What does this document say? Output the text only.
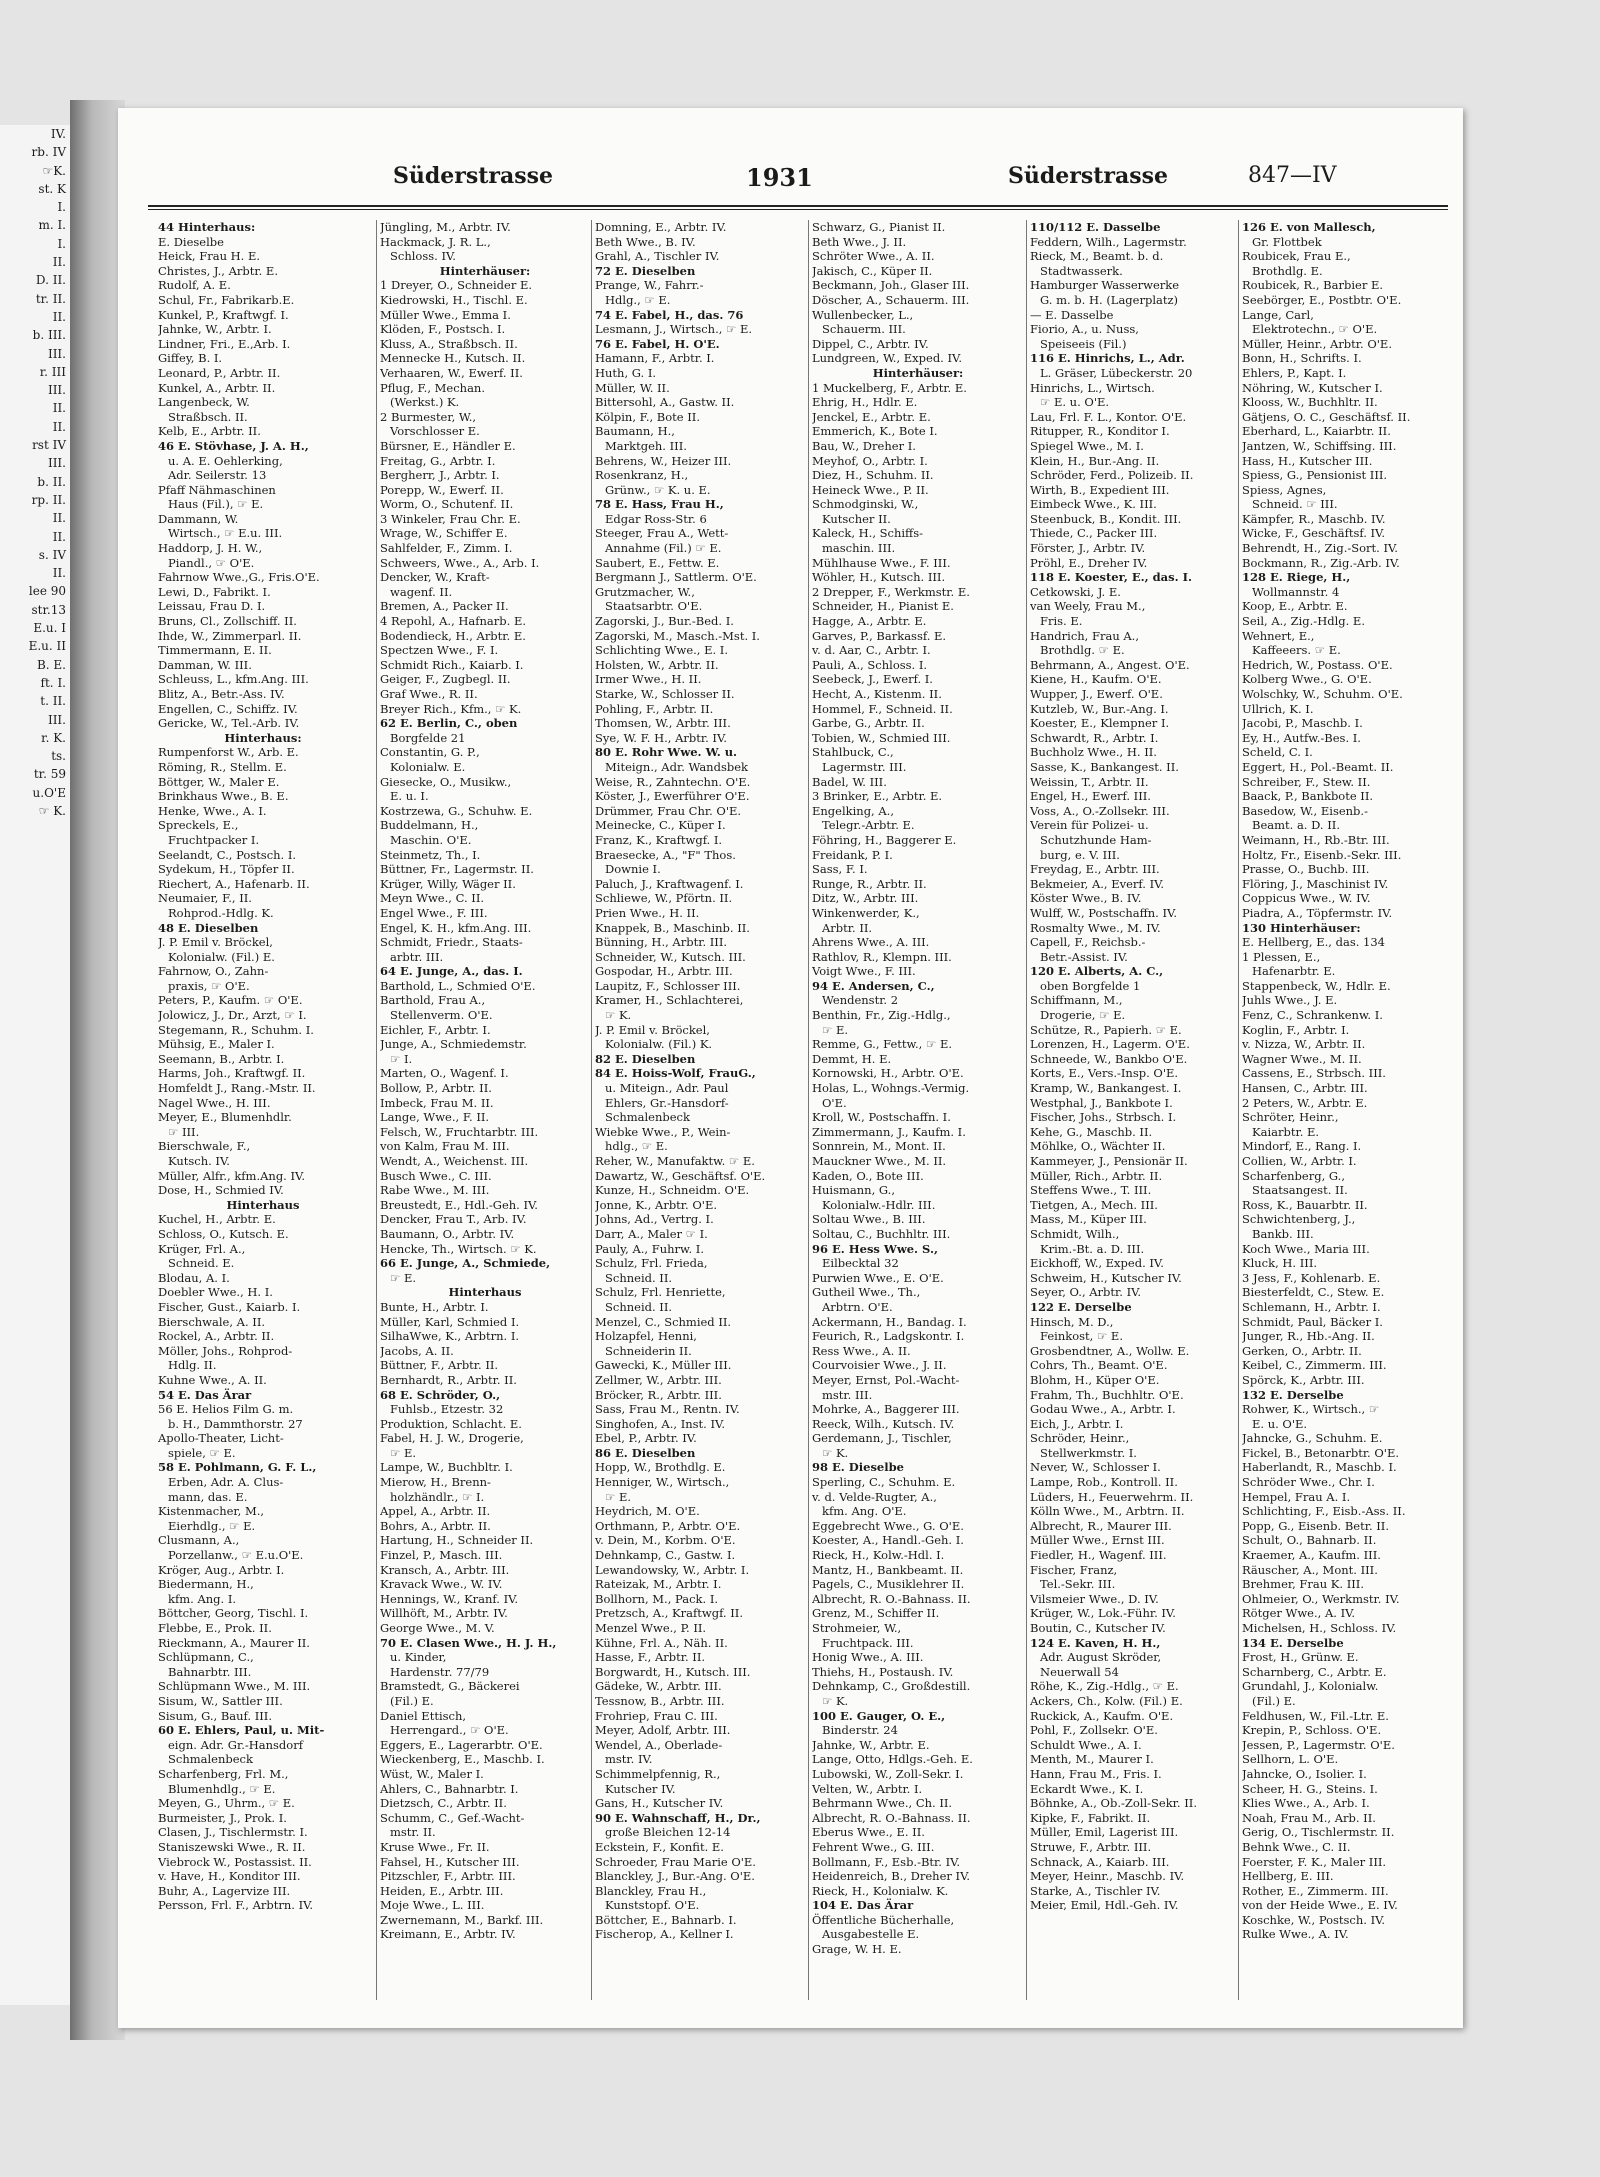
IV.
rb. IV
☞K.
st. K
I.
m. I.
I.
II.
D. II.
tr. II.
II.
b. III.
III.
r. III
III.
II.
II.
rst IV
III.
b. II.
rp. II.
II.
II.
s. IV
II.
lee 90
str.13
E.u. I
E.u. II
B. E.
ft. I.
t. II.
III.
r. K.
ts.
tr. 59
u.O'E
☞ K.
Süderstrasse	1931	Süderstrasse	847—IV
44 Hinterhaus:
E. Dieselbe
Heick, Frau H. E.
Christes, J., Arbtr. E.
Rudolf, A. E.
Schul, Fr., Fabrikarb.E.
Kunkel, P., Kraftwgf. I.
Jahnke, W., Arbtr. I.
Lindner, Fri., E.,Arb. I.
Giffey, B. I.
Leonard, P., Arbtr. II.
Kunkel, A., Arbtr. II.
Langenbeck, W.
Straßbsch. II.
Kelb, E., Arbtr. II.
46 E. Stövhase, J. A. H.,
u. A. E. Oehlerking,
Adr. Seilerstr. 13
Pfaff Nähmaschinen
Haus (Fil.), ☞ E.
Dammann, W.
Wirtsch., ☞ E.u. III.
Haddorp, J. H. W.,
Piandl., ☞ O'E.
Fahrnow Wwe.,G., Fris.O'E.
Lewi, D., Fabrikt. I.
Leissau, Frau D. I.
Bruns, Cl., Zollschiff. II.
Ihde, W., Zimmerparl. II.
Timmermann, E. II.
Damman, W. III.
Schleuss, L., kfm.Ang. III.
Blitz, A., Betr.-Ass. IV.
Engellen, C., Schiffz. IV.
Gericke, W., Tel.-Arb. IV.
Hinterhaus:
Rumpenforst W., Arb. E.
Röming, R., Stellm. E.
Böttger, W., Maler E.
Brinkhaus Wwe., B. E.
Henke, Wwe., A. I.
Spreckels, E.,
Fruchtpacker I.
Seelandt, C., Postsch. I.
Sydekum, H., Töpfer II.
Riechert, A., Hafenarb. II.
Neumaier, F., II.
Rohprod.-Hdlg. K.
48 E. Dieselben
J. P. Emil v. Bröckel,
Kolonialw. (Fil.) E.
Fahrnow, O., Zahn-
praxis, ☞ O'E.
Peters, P., Kaufm. ☞ O'E.
Jolowicz, J., Dr., Arzt, ☞ I.
Stegemann, R., Schuhm. I.
Mühsig, E., Maler I.
Seemann, B., Arbtr. I.
Harms, Joh., Kraftwgf. II.
Homfeldt J., Rang.-Mstr. II.
Nagel Wwe., H. III.
Meyer, E., Blumenhdlr.
☞ III.
Bierschwale, F.,
Kutsch. IV.
Müller, Alfr., kfm.Ang. IV.
Dose, H., Schmied IV.
Hinterhaus
Kuchel, H., Arbtr. E.
Schloss, O., Kutsch. E.
Krüger, Frl. A.,
Schneid. E.
Blodau, A. I.
Doebler Wwe., H. I.
Fischer, Gust., Kaiarb. I.
Bierschwale, A. II.
Rockel, A., Arbtr. II.
Möller, Johs., Rohprod-
Hdlg. II.
Kuhne Wwe., A. II.
54 E. Das Ärar
56 E. Helios Film G. m.
b. H., Dammthorstr. 27
Apollo-Theater, Licht-
spiele, ☞ E.
58 E. Pohlmann, G. F. L.,
Erben, Adr. A. Clus-
mann, das. E.
Kistenmacher, M.,
Eierhdlg., ☞ E.
Clusmann, A.,
Porzellanw., ☞ E.u.O'E.
Kröger, Aug., Arbtr. I.
Biedermann, H.,
kfm. Ang. I.
Böttcher, Georg, Tischl. I.
Flebbe, E., Prok. II.
Rieckmann, A., Maurer II.
Schlüpmann, C.,
Bahnarbtr. III.
Schlüpmann Wwe., M. III.
Sisum, W., Sattler III.
Sisum, G., Bauf. III.
60 E. Ehlers, Paul, u. Mit-
eign. Adr. Gr.-Hansdorf
Schmalenbeck
Scharfenberg, Frl. M.,
Blumenhdlg., ☞ E.
Meyen, G., Uhrm., ☞ E.
Burmeister, J., Prok. I.
Clasen, J., Tischlermstr. I.
Staniszewski Wwe., R. II.
Viebrock W., Postassist. II.
v. Have, H., Konditor III.
Buhr, A., Lagervize III.
Persson, Frl. F., Arbtrn. IV.
Jüngling, M., Arbtr. IV.
Hackmack, J. R. L.,
Schloss. IV.
Hinterhäuser:
1 Dreyer, O., Schneider E.
Kiedrowski, H., Tischl. E.
Müller Wwe., Emma I.
Klöden, F., Postsch. I.
Kluss, A., Straßbsch. II.
Mennecke H., Kutsch. II.
Verhaaren, W., Ewerf. II.
Pflug, F., Mechan.
(Werkst.) K.
2 Burmester, W.,
Vorschlosser E.
Bürsner, E., Händler E.
Freitag, G., Arbtr. I.
Bergherr, J., Arbtr. I.
Porepp, W., Ewerf. II.
Worm, O., Schutenf. II.
3 Winkeler, Frau Chr. E.
Wrage, W., Schiffer E.
Sahlfelder, F., Zimm. I.
Schweers, Wwe., A., Arb. I.
Dencker, W., Kraft-
wagenf. II.
Bremen, A., Packer II.
4 Repohl, A., Hafnarb. E.
Bodendieck, H., Arbtr. E.
Spectzen Wwe., F. I.
Schmidt Rich., Kaiarb. I.
Geiger, F., Zugbegl. II.
Graf Wwe., R. II.
Breyer Rich., Kfm., ☞ K.
62 E. Berlin, C., oben
Borgfelde 21
Constantin, G. P.,
Kolonialw. E.
Giesecke, O., Musikw.,
E. u. I.
Kostrzewa, G., Schuhw. E.
Buddelmann, H.,
Maschin. O'E.
Steinmetz, Th., I.
Büttner, Fr., Lagermstr. II.
Krüger, Willy, Wäger II.
Meyn Wwe., C. II.
Engel Wwe., F. III.
Engel, K. H., kfm.Ang. III.
Schmidt, Friedr., Staats-
arbtr. III.
64 E. Junge, A., das. I.
Barthold, L., Schmied O'E.
Barthold, Frau A.,
Stellenverm. O'E.
Eichler, F., Arbtr. I.
Junge, A., Schmiedemstr.
☞ I.
Marten, O., Wagenf. I.
Bollow, P., Arbtr. II.
Imbeck, Frau M. II.
Lange, Wwe., F. II.
Felsch, W., Fruchtarbtr. III.
von Kalm, Frau M. III.
Wendt, A., Weichenst. III.
Busch Wwe., C. III.
Rabe Wwe., M. III.
Breustedt, E., Hdl.-Geh. IV.
Dencker, Frau T., Arb. IV.
Baumann, O., Arbtr. IV.
Hencke, Th., Wirtsch. ☞ K.
66 E. Junge, A., Schmiede,
☞ E.
Hinterhaus
Bunte, H., Arbtr. I.
Müller, Karl, Schmied I.
SilhaWwe, K., Arbtrn. I.
Jacobs, A. II.
Büttner, F., Arbtr. II.
Bernhardt, R., Arbtr. II.
68 E. Schröder, O.,
Fuhlsb., Etzestr. 32
Produktion, Schlacht. E.
Fabel, H. J. W., Drogerie,
☞ E.
Lampe, W., Buchbltr. I.
Mierow, H., Brenn-
holzhändlr., ☞ I.
Appel, A., Arbtr. II.
Bohrs, A., Arbtr. II.
Hartung, H., Schneider II.
Finzel, P., Masch. III.
Kransch, A., Arbtr. III.
Kravack Wwe., W. IV.
Hennings, W., Kranf. IV.
Willhöft, M., Arbtr. IV.
George Wwe., M. V.
70 E. Clasen Wwe., H. J. H.,
u. Kinder,
Hardenstr. 77/79
Bramstedt, G., Bäckerei
(Fil.) E.
Daniel Ettisch,
Herrengard., ☞ O'E.
Eggers, E., Lagerarbtr. O'E.
Wieckenberg, E., Maschb. I.
Wüst, W., Maler I.
Ahlers, C., Bahnarbtr. I.
Dietzsch, C., Arbtr. II.
Schumm, C., Gef.-Wacht-
mstr. II.
Kruse Wwe., Fr. II.
Fahsel, H., Kutscher III.
Pitzschler, F., Arbtr. III.
Heiden, E., Arbtr. III.
Moje Wwe., L. III.
Zwernemann, M., Barkf. III.
Kreimann, E., Arbtr. IV.
Domning, E., Arbtr. IV.
Beth Wwe., B. IV.
Grahl, A., Tischler IV.
72 E. Dieselben
Prange, W., Fahrr.-
Hdlg., ☞ E.
74 E. Fabel, H., das. 76
Lesmann, J., Wirtsch., ☞ E.
76 E. Fabel, H. O'E.
Hamann, F., Arbtr. I.
Huth, G. I.
Müller, W. II.
Bittersohl, A., Gastw. II.
Kölpin, F., Bote II.
Baumann, H.,
Marktgeh. III.
Behrens, W., Heizer III.
Rosenkranz, H.,
Grünw., ☞ K. u. E.
78 E. Hass, Frau H.,
Edgar Ross-Str. 6
Steeger, Frau A., Wett-
Annahme (Fil.) ☞ E.
Saubert, E., Fettw. E.
Bergmann J., Sattlerm. O'E.
Grutzmacher, W.,
Staatsarbtr. O'E.
Zagorski, J., Bur.-Bed. I.
Zagorski, M., Masch.-Mst. I.
Schlichting Wwe., E. I.
Holsten, W., Arbtr. II.
Irmer Wwe., H. II.
Starke, W., Schlosser II.
Pohling, F., Arbtr. II.
Thomsen, W., Arbtr. III.
Sye, W. F. H., Arbtr. IV.
80 E. Rohr Wwe. W. u.
Miteign., Adr. Wandsbek
Weise, R., Zahntechn. O'E.
Köster, J., Ewerführer O'E.
Drümmer, Frau Chr. O'E.
Meinecke, C., Küper I.
Franz, K., Kraftwgf. I.
Braesecke, A., "F" Thos.
Downie I.
Paluch, J., Kraftwagenf. I.
Schliewe, W., Pförtn. II.
Prien Wwe., H. II.
Knappek, B., Maschinb. II.
Bünning, H., Arbtr. III.
Schneider, W., Kutsch. III.
Gospodar, H., Arbtr. III.
Laupitz, F., Schlosser III.
Kramer, H., Schlachterei,
☞ K.
J. P. Emil v. Bröckel,
Kolonialw. (Fil.) K.
82 E. Dieselben
84 E. Hoiss-Wolf, FrauG.,
u. Miteign., Adr. Paul
Ehlers, Gr.-Hansdorf-
Schmalenbeck
Wiebke Wwe., P., Wein-
hdlg., ☞ E.
Reher, W., Manufaktw. ☞ E.
Dawartz, W., Geschäftsf. O'E.
Kunze, H., Schneidm. O'E.
Jonne, K., Arbtr. O'E.
Johns, Ad., Vertrg. I.
Darr, A., Maler ☞ I.
Pauly, A., Fuhrw. I.
Schulz, Frl. Frieda,
Schneid. II.
Schulz, Frl. Henriette,
Schneid. II.
Menzel, C., Schmied II.
Holzapfel, Henni,
Schneiderin II.
Gawecki, K., Müller III.
Zellmer, W., Arbtr. III.
Bröcker, R., Arbtr. III.
Sass, Frau M., Rentn. IV.
Singhofen, A., Inst. IV.
Ebel, P., Arbtr. IV.
86 E. Dieselben
Hopp, W., Brothdlg. E.
Henniger, W., Wirtsch.,
☞ E.
Heydrich, M. O'E.
Orthmann, P., Arbtr. O'E.
v. Dein, M., Korbm. O'E.
Dehnkamp, C., Gastw. I.
Lewandowsky, W., Arbtr. I.
Rateizak, M., Arbtr. I.
Bollhorn, M., Pack. I.
Pretzsch, A., Kraftwgf. II.
Menzel Wwe., P. II.
Kühne, Frl. A., Näh. II.
Hasse, F., Arbtr. II.
Borgwardt, H., Kutsch. III.
Gädeke, W., Arbtr. III.
Tessnow, B., Arbtr. III.
Frohriep, Frau C. III.
Meyer, Adolf, Arbtr. III.
Wendel, A., Oberlade-
mstr. IV.
Schimmelpfennig, R.,
Kutscher IV.
Gans, H., Kutscher IV.
90 E. Wahnschaff, H., Dr.,
große Bleichen 12-14
Eckstein, F., Konfit. E.
Schroeder, Frau Marie O'E.
Blanckley, J., Bur.-Ang. O'E.
Blanckley, Frau H.,
Kunststopf. O'E.
Böttcher, E., Bahnarb. I.
Fischerop, A., Kellner I.
Schwarz, G., Pianist II.
Beth Wwe., J. II.
Schröter Wwe., A. II.
Jakisch, C., Küper II.
Beckmann, Joh., Glaser III.
Döscher, A., Schauerm. III.
Wullenbecker, L.,
Schauerm. III.
Dippel, C., Arbtr. IV.
Lundgreen, W., Exped. IV.
Hinterhäuser:
1 Muckelberg, F., Arbtr. E.
Ehrig, H., Hdlr. E.
Jenckel, E., Arbtr. E.
Emmerich, K., Bote I.
Bau, W., Dreher I.
Meyhof, O., Arbtr. I.
Diez, H., Schuhm. II.
Heineck Wwe., P. II.
Schmodginski, W.,
Kutscher II.
Kaleck, H., Schiffs-
maschin. III.
Mühlhause Wwe., F. III.
Wöhler, H., Kutsch. III.
2 Drepper, F., Werkmstr. E.
Schneider, H., Pianist E.
Hagge, A., Arbtr. E.
Garves, P., Barkassf. E.
v. d. Aar, C., Arbtr. I.
Pauli, A., Schloss. I.
Seebeck, J., Ewerf. I.
Hecht, A., Kistenm. II.
Hommel, F., Schneid. II.
Garbe, G., Arbtr. II.
Tobien, W., Schmied III.
Stahlbuck, C.,
Lagermstr. III.
Badel, W. III.
3 Brinker, E., Arbtr. E.
Engelking, A.,
Telegr.-Arbtr. E.
Föhring, H., Baggerer E.
Freidank, P. I.
Sass, F. I.
Runge, R., Arbtr. II.
Ditz, W., Arbtr. III.
Winkenwerder, K.,
Arbtr. II.
Ahrens Wwe., A. III.
Rathlov, R., Klempn. III.
Voigt Wwe., F. III.
94 E. Andersen, C.,
Wendenstr. 2
Benthin, Fr., Zig.-Hdlg.,
☞ E.
Remme, G., Fettw., ☞ E.
Demmt, H. E.
Kornowski, H., Arbtr. O'E.
Holas, L., Wohngs.-Vermig.
O'E.
Kroll, W., Postschaffn. I.
Zimmermann, J., Kaufm. I.
Sonnrein, M., Mont. II.
Mauckner Wwe., M. II.
Kaden, O., Bote III.
Huismann, G.,
Kolonialw.-Hdlr. III.
Soltau Wwe., B. III.
Soltau, C., Buchhltr. III.
96 E. Hess Wwe. S.,
Eilbecktal 32
Purwien Wwe., E. O'E.
Gutheil Wwe., Th.,
Arbtrn. O'E.
Ackermann, H., Bandag. I.
Feurich, R., Ladgskontr. I.
Ress Wwe., A. II.
Courvoisier Wwe., J. II.
Meyer, Ernst, Pol.-Wacht-
mstr. III.
Mohrke, A., Baggerer III.
Reeck, Wilh., Kutsch. IV.
Gerdemann, J., Tischler,
☞ K.
98 E. Dieselbe
Sperling, C., Schuhm. E.
v. d. Velde-Rugter, A.,
kfm. Ang. O'E.
Eggebrecht Wwe., G. O'E.
Koester, A., Handl.-Geh. I.
Rieck, H., Kolw.-Hdl. I.
Mantz, H., Bankbeamt. II.
Pagels, C., Musiklehrer II.
Albrecht, R. O.-Bahnass. II.
Grenz, M., Schiffer II.
Strohmeier, W.,
Fruchtpack. III.
Honig Wwe., A. III.
Thiehs, H., Postaush. IV.
Dehnkamp, C., Großdestill.
☞ K.
100 E. Gauger, O. E.,
Binderstr. 24
Jahnke, W., Arbtr. E.
Lange, Otto, Hdlgs.-Geh. E.
Lubowski, W., Zoll-Sekr. I.
Velten, W., Arbtr. I.
Behrmann Wwe., Ch. II.
Albrecht, R. O.-Bahnass. II.
Eberus Wwe., E. II.
Fehrent Wwe., G. III.
Bollmann, F., Esb.-Btr. IV.
Heidenreich, B., Dreher IV.
Rieck, H., Kolonialw. K.
104 E. Das Ärar
Öffentliche Bücherhalle,
Ausgabestelle E.
Grage, W. H. E.
110/112 E. Dasselbe
Feddern, Wilh., Lagermstr.
Rieck, M., Beamt. b. d.
Stadtwasserk.
Hamburger Wasserwerke
G. m. b. H. (Lagerplatz)
— E. Dasselbe
Fiorio, A., u. Nuss,
Speiseeis (Fil.)
116 E. Hinrichs, L., Adr.
L. Gräser, Lübeckerstr. 20
Hinrichs, L., Wirtsch.
☞ E. u. O'E.
Lau, Frl. F. L., Kontor. O'E.
Ritupper, R., Konditor I.
Spiegel Wwe., M. I.
Klein, H., Bur.-Ang. II.
Schröder, Ferd., Polizeib. II.
Wirth, B., Expedient III.
Eimbeck Wwe., K. III.
Steenbuck, B., Kondit. III.
Thiede, C., Packer III.
Förster, J., Arbtr. IV.
Pröhl, E., Dreher IV.
118 E. Koester, E., das. I.
Cetkowski, J. E.
van Weely, Frau M.,
Fris. E.
Handrich, Frau A.,
Brothdlg. ☞ E.
Behrmann, A., Angest. O'E.
Kiene, H., Kaufm. O'E.
Wupper, J., Ewerf. O'E.
Kutzleb, W., Bur.-Ang. I.
Koester, E., Klempner I.
Schwardt, R., Arbtr. I.
Buchholz Wwe., H. II.
Sasse, K., Bankangest. II.
Weissin, T., Arbtr. II.
Engel, H., Ewerf. III.
Voss, A., O.-Zollsekr. III.
Verein für Polizei- u.
Schutzhunde Ham-
burg, e. V. III.
Freydag, E., Arbtr. III.
Bekmeier, A., Everf. IV.
Köster Wwe., B. IV.
Wulff, W., Postschaffn. IV.
Rosmalty Wwe., M. IV.
Capell, F., Reichsb.-
Betr.-Assist. IV.
120 E. Alberts, A. C.,
oben Borgfelde 1
Schiffmann, M.,
Drogerie, ☞ E.
Schütze, R., Papierh. ☞ E.
Lorenzen, H., Lagerm. O'E.
Schneede, W., Bankbo O'E.
Korts, E., Vers.-Insp. O'E.
Kramp, W., Bankangest. I.
Westphal, J., Bankbote I.
Fischer, Johs., Strbsch. I.
Kehe, G., Maschb. II.
Möhlke, O., Wächter II.
Kammeyer, J., Pensionär II.
Müller, Rich., Arbtr. II.
Steffens Wwe., T. III.
Tietgen, A., Mech. III.
Mass, M., Küper III.
Schmidt, Wilh.,
Krim.-Bt. a. D. III.
Eickhoff, W., Exped. IV.
Schweim, H., Kutscher IV.
Seyer, O., Arbtr. IV.
122 E. Derselbe
Hinsch, M. D.,
Feinkost, ☞ E.
Grosbendtner, A., Wollw. E.
Cohrs, Th., Beamt. O'E.
Blohm, H., Küper O'E.
Frahm, Th., Buchhltr. O'E.
Godau Wwe., A., Arbtr. I.
Eich, J., Arbtr. I.
Schröder, Heinr.,
Stellwerkmstr. I.
Never, W., Schlosser I.
Lampe, Rob., Kontroll. II.
Lüders, H., Feuerwehrm. II.
Kölln Wwe., M., Arbtrn. II.
Albrecht, R., Maurer III.
Müller Wwe., Ernst III.
Fiedler, H., Wagenf. III.
Fischer, Franz,
Tel.-Sekr. III.
Vilsmeier Wwe., D. IV.
Krüger, W., Lok.-Führ. IV.
Boutin, C., Kutscher IV.
124 E. Kaven, H. H.,
Adr. August Skröder,
Neuerwall 54
Röhe, K., Zig.-Hdlg., ☞ E.
Ackers, Ch., Kolw. (Fil.) E.
Ruckick, A., Kaufm. O'E.
Pohl, F., Zollsekr. O'E.
Schuldt Wwe., A. I.
Menth, M., Maurer I.
Hann, Frau M., Fris. I.
Eckardt Wwe., K. I.
Böhnke, A., Ob.-Zoll-Sekr. II.
Kipke, F., Fabrikt. II.
Müller, Emil, Lagerist III.
Struwe, F., Arbtr. III.
Schnack, A., Kaiarb. III.
Meyer, Heinr., Maschb. IV.
Starke, A., Tischler IV.
Meier, Emil, Hdl.-Geh. IV.
126 E. von Mallesch,
Gr. Flottbek
Roubicek, Frau E.,
Brothdlg. E.
Roubicek, R., Barbier E.
Seebörger, E., Postbtr. O'E.
Lange, Carl,
Elektrotechn., ☞ O'E.
Müller, Heinr., Arbtr. O'E.
Bonn, H., Schrifts. I.
Ehlers, P., Kapt. I.
Nöhring, W., Kutscher I.
Klooss, W., Buchhltr. II.
Gätjens, O. C., Geschäftsf. II.
Eberhard, L., Kaiarbtr. II.
Jantzen, W., Schiffsing. III.
Hass, H., Kutscher III.
Spiess, G., Pensionist III.
Spiess, Agnes,
Schneid. ☞ III.
Kämpfer, R., Maschb. IV.
Wicke, F., Geschäftsf. IV.
Behrendt, H., Zig.-Sort. IV.
Bockmann, R., Zig.-Arb. IV.
128 E. Riege, H.,
Wollmannstr. 4
Koop, E., Arbtr. E.
Seil, A., Zig.-Hdlg. E.
Wehnert, E.,
Kaffeeers. ☞ E.
Hedrich, W., Postass. O'E.
Kolberg Wwe., G. O'E.
Wolschky, W., Schuhm. O'E.
Ullrich, K. I.
Jacobi, P., Maschb. I.
Ey, H., Autfw.-Bes. I.
Scheld, C. I.
Eggert, H., Pol.-Beamt. II.
Schreiber, F., Stew. II.
Baack, P., Bankbote II.
Basedow, W., Eisenb.-
Beamt. a. D. II.
Weimann, H., Rb.-Btr. III.
Holtz, Fr., Eisenb.-Sekr. III.
Prasse, O., Buchb. III.
Flöring, J., Maschinist IV.
Coppicus Wwe., W. IV.
Piadra, A., Töpfermstr. IV.
130 Hinterhäuser:
E. Hellberg, E., das. 134
1 Plessen, E.,
Hafenarbtr. E.
Stappenbeck, W., Hdlr. E.
Juhls Wwe., J. E.
Fenz, C., Schrankenw. I.
Koglin, F., Arbtr. I.
v. Nizza, W., Arbtr. II.
Wagner Wwe., M. II.
Cassens, E., Strbsch. III.
Hansen, C., Arbtr. III.
2 Peters, W., Arbtr. E.
Schröter, Heinr.,
Kaiarbtr. E.
Mindorf, E., Rang. I.
Collien, W., Arbtr. I.
Scharfenberg, G.,
Staatsangest. II.
Ross, K., Bauarbtr. II.
Schwichtenberg, J.,
Bankb. III.
Koch Wwe., Maria III.
Kluck, H. III.
3 Jess, F., Kohlenarb. E.
Biesterfeldt, C., Stew. E.
Schlemann, H., Arbtr. I.
Schmidt, Paul, Bäcker I.
Junger, R., Hb.-Ang. II.
Gerken, O., Arbtr. II.
Keibel, C., Zimmerm. III.
Spörck, K., Arbtr. III.
132 E. Derselbe
Rohwer, K., Wirtsch., ☞
E. u. O'E.
Jahncke, G., Schuhm. E.
Fickel, B., Betonarbtr. O'E.
Haberlandt, R., Maschb. I.
Schröder Wwe., Chr. I.
Hempel, Frau A. I.
Schlichting, F., Eisb.-Ass. II.
Popp, G., Eisenb. Betr. II.
Schult, O., Bahnarb. II.
Kraemer, A., Kaufm. III.
Räuscher, A., Mont. III.
Brehmer, Frau K. III.
Ohlmeier, O., Werkmstr. IV.
Rötger Wwe., A. IV.
Michelsen, H., Schloss. IV.
134 E. Derselbe
Frost, H., Grünw. E.
Scharnberg, C., Arbtr. E.
Grundahl, J., Kolonialw.
(Fil.) E.
Feldhusen, W., Fil.-Ltr. E.
Krepin, P., Schloss. O'E.
Jessen, P., Lagermstr. O'E.
Sellhorn, L. O'E.
Jahncke, O., Isolier. I.
Scheer, H. G., Steins. I.
Klies Wwe., A., Arb. I.
Noah, Frau M., Arb. II.
Gerig, O., Tischlermstr. II.
Behnk Wwe., C. II.
Foerster, F. K., Maler III.
Hellberg, E. III.
Rother, E., Zimmerm. III.
von der Heide Wwe., E. IV.
Koschke, W., Postsch. IV.
Rulke Wwe., A. IV.
